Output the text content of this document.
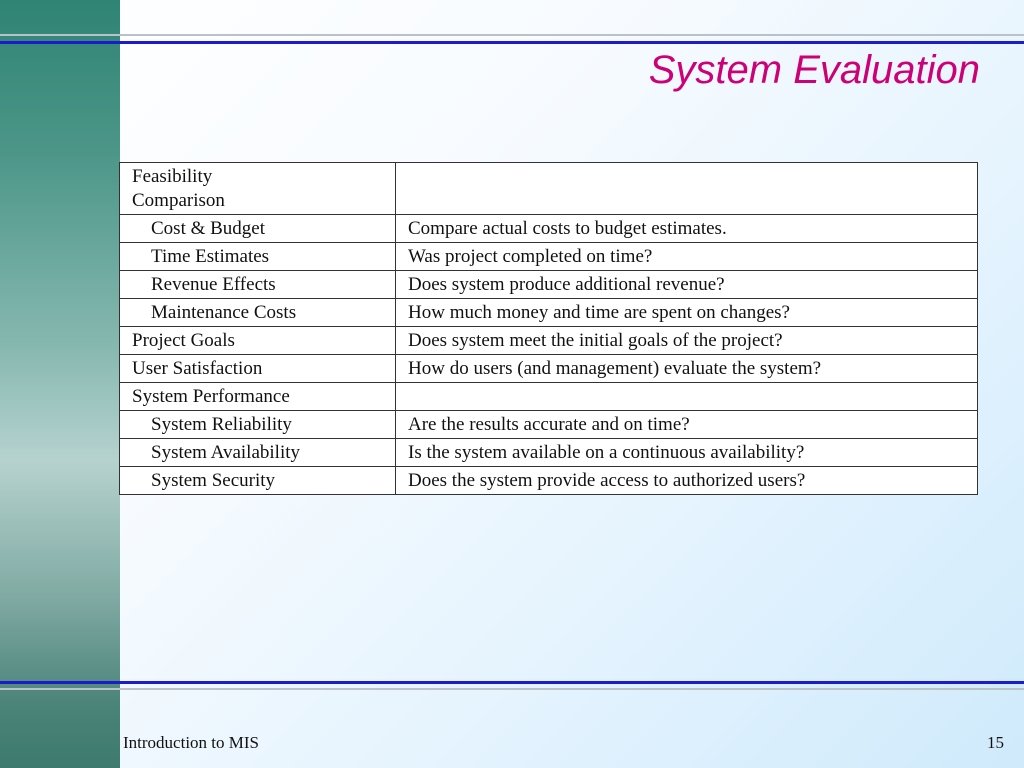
System Evaluation
Feasibility
Comparison	
Cost & Budget	Compare actual costs to budget estimates.
Time Estimates	Was project completed on time?
Revenue Effects	Does system produce additional revenue?
Maintenance Costs	How much money and time are spent on changes?
Project Goals	Does system meet the initial goals of the project?
User Satisfaction	How do users (and management) evaluate the system?
System Performance	
System Reliability	Are the results accurate and on time?
System Availability	Is the system available on a continuous availability?
System Security	Does the system provide access to authorized users?
Introduction to MIS	15
